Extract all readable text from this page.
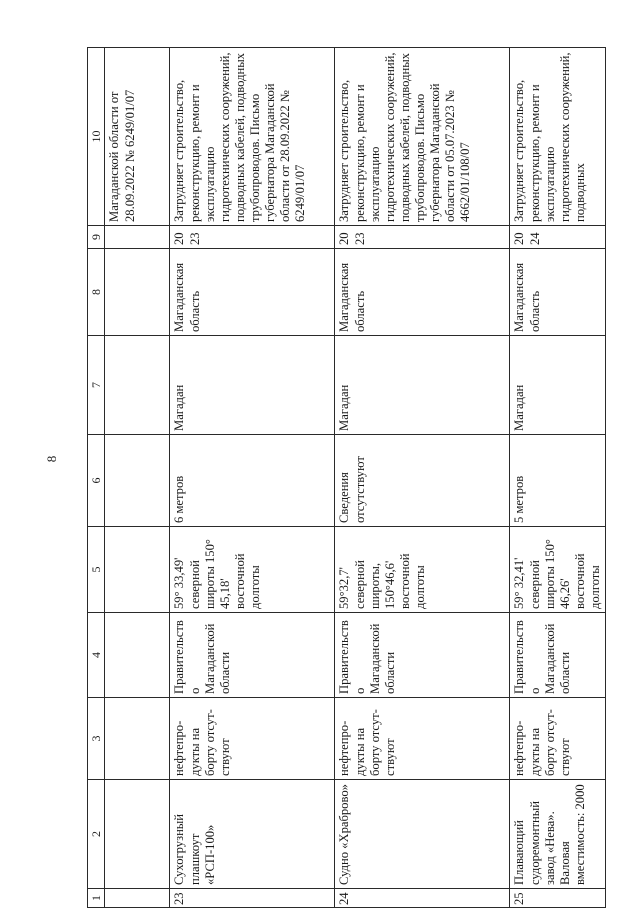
8
1	2	3	4	5	6	7	8	9	10
									Магаданской области от 28.09.2022 № 6249/01/07
23	Сухогрузный плашкоут «РСП-100»	нефтепро-дукты на борту отсут-ствуют	Правительство Магаданской области	59° 33,49' северной широты 150° 45,18' восточной долготы	6 метров	Магадан	Магаданская область	2023	Затрудняет строительство, реконструкцию, ремонт и эксплуатацию гидротехнических сооружений, подводных кабелей, подводных трубопроводов. Письмо губернатора Магаданской области от 28.09.2022 № 6249/01/07
24	Судно «Храброво»	нефтепро-дукты на борту отсут-ствуют	Правительство Магаданской области	59°32,7' северной широты, 150°46,6' восточной долготы	Сведения отсутствуют	Магадан	Магаданская область	2023	Затрудняет строительство, реконструкцию, ремонт и эксплуатацию гидротехнических сооружений, подводных кабелей, подводных трубопроводов. Письмо губернатора Магаданской области от 05.07.2023 № 4662/01/108/07
25	Плавающий судоремонтный завод «Нева». Валовая вместимость: 2000	нефтепро-дукты на борту отсут-ствуют	Правительство Магаданской области	59° 32,41' северной широты 150° 46,26' восточной долготы	5 метров	Магадан	Магаданская область	2024	Затрудняет строительство, реконструкцию, ремонт и эксплуатацию гидротехнических сооружений, подводных
